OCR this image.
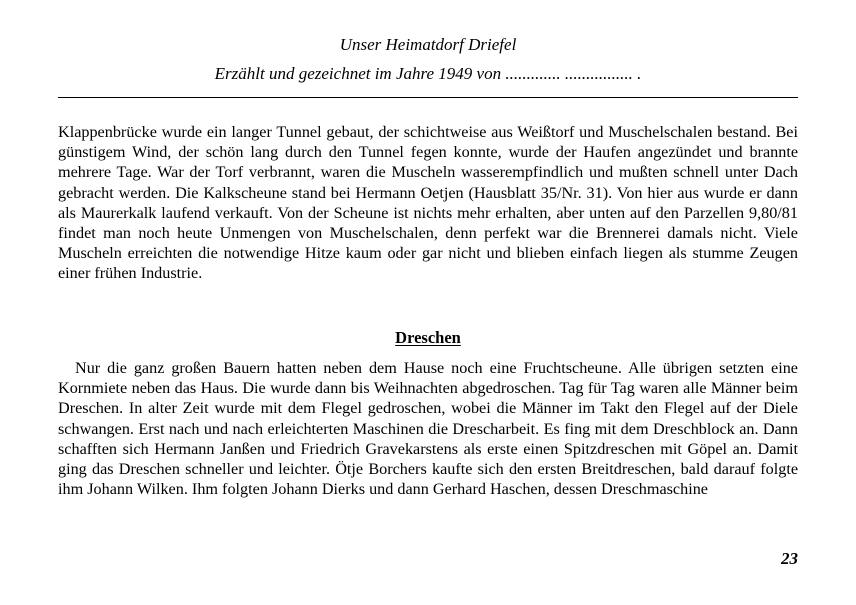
Unser Heimatdorf Driefel
Erzählt und gezeichnet im Jahre 1949 von ............. ................ .

Klappenbrücke wurde ein langer Tunnel gebaut, der schichtweise aus Weißtorf und Muschelschalen bestand. Bei günstigem Wind, der schön lang durch den Tunnel fegen konnte, wurde der Haufen angezündet und brannte mehrere Tage. War der Torf verbrannt, waren die Muscheln wasserempfindlich und mußten schnell unter Dach gebracht werden. Die Kalkscheune stand bei Hermann Oetjen (Hausblatt 35/Nr. 31). Von hier aus wurde er dann als Maurerkalk laufend verkauft. Von der Scheune ist nichts mehr erhalten, aber unten auf den Parzellen 9,80/81 findet man noch heute Unmengen von Muschelschalen, denn perfekt war die Brennerei damals nicht. Viele Muscheln erreichten die notwendige Hitze kaum oder gar nicht und blieben einfach liegen als stumme Zeugen einer frühen Industrie.

Dreschen

Nur die ganz großen Bauern hatten neben dem Hause noch eine Fruchtscheune. Alle übrigen setzten eine Kornmiete neben das Haus. Die wurde dann bis Weihnachten abgedroschen. Tag für Tag waren alle Männer beim Dreschen. In alter Zeit wurde mit dem Flegel gedroschen, wobei die Männer im Takt den Flegel auf der Diele schwangen. Erst nach und nach erleichterten Maschinen die Drescharbeit. Es fing mit dem Dreschblock an. Dann schafften sich Hermann Janßen und Friedrich Gravekarstens als erste einen Spitzdreschen mit Göpel an. Damit ging das Dreschen schneller und leichter. Ötje Borchers kaufte sich den ersten Breitdreschen, bald darauf folgte ihm Johann Wilken. Ihm folgten Johann Dierks und dann Gerhard Haschen, dessen Dreschmaschine

23
